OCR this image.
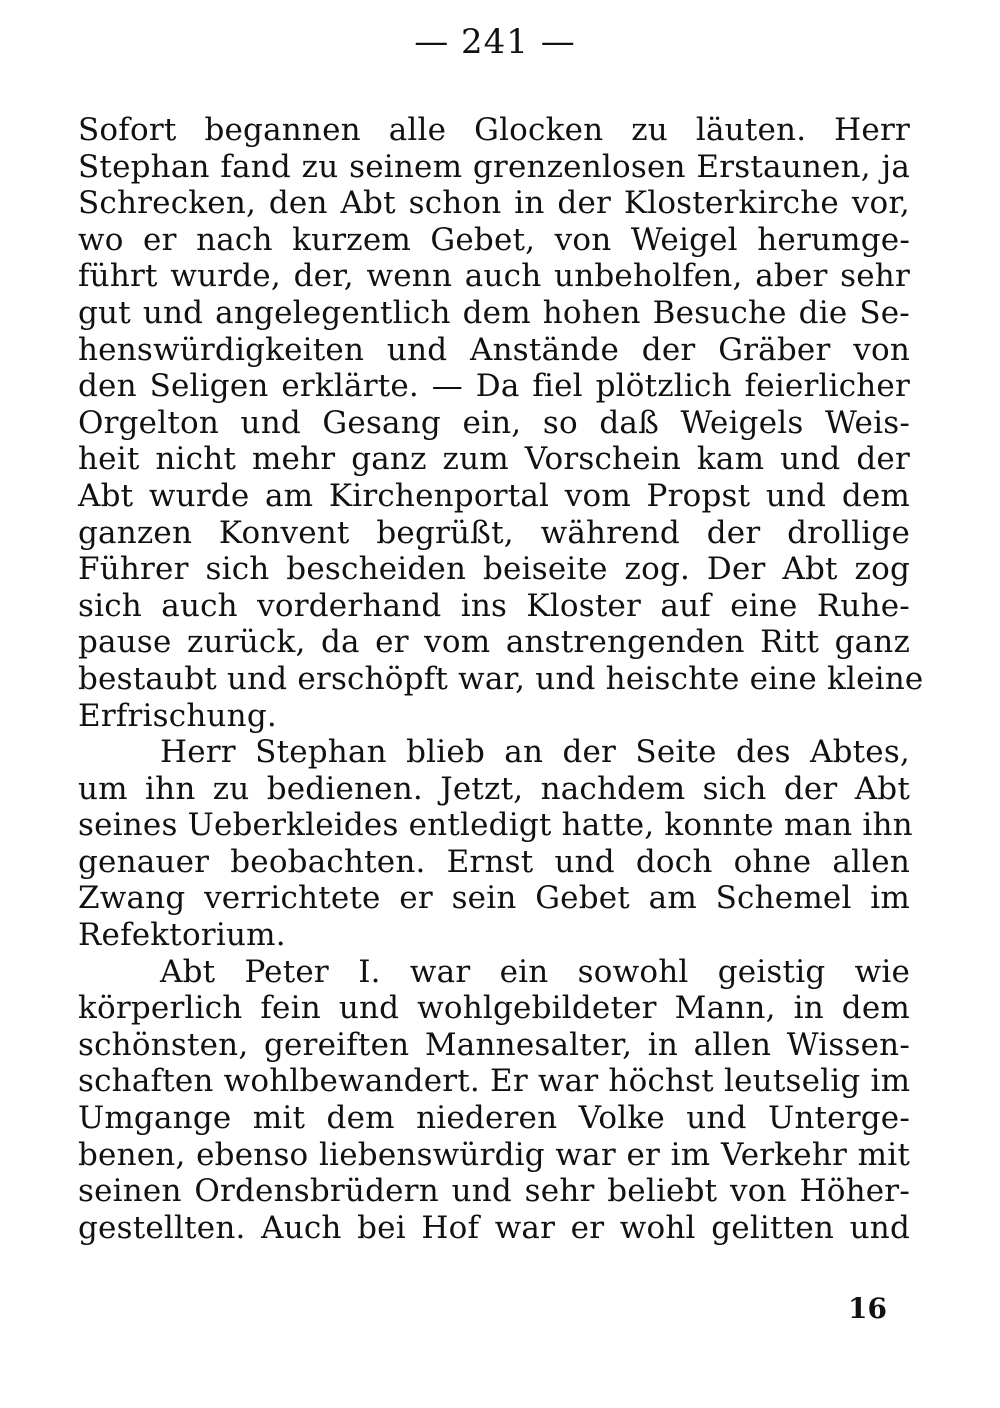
— 241 —
Sofort begannen alle Glocken zu läuten. Herr
Stephan fand zu seinem grenzenlosen Erstaunen, ja
Schrecken, den Abt schon in der Klosterkirche vor,
wo er nach kurzem Gebet, von Weigel herumge-
führt wurde, der, wenn auch unbeholfen, aber sehr
gut und angelegentlich dem hohen Besuche die Se-
henswürdigkeiten und Anstände der Gräber von
den Seligen erklärte. — Da fiel plötzlich feierlicher
Orgelton und Gesang ein, so daß Weigels Weis-
heit nicht mehr ganz zum Vorschein kam und der
Abt wurde am Kirchenportal vom Propst und dem
ganzen Konvent begrüßt, während der drollige
Führer sich bescheiden beiseite zog. Der Abt zog
sich auch vorderhand ins Kloster auf eine Ruhe-
pause zurück, da er vom anstrengenden Ritt ganz
bestaubt und erschöpft war, und heischte eine kleine
Erfrischung.
Herr Stephan blieb an der Seite des Abtes,
um ihn zu bedienen. Jetzt, nachdem sich der Abt
seines Ueberkleides entledigt hatte, konnte man ihn
genauer beobachten. Ernst und doch ohne allen
Zwang verrichtete er sein Gebet am Schemel im
Refektorium.
Abt Peter I. war ein sowohl geistig wie
körperlich fein und wohlgebildeter Mann, in dem
schönsten, gereiften Mannesalter, in allen Wissen-
schaften wohlbewandert. Er war höchst leutselig im
Umgange mit dem niederen Volke und Unterge-
benen, ebenso liebenswürdig war er im Verkehr mit
seinen Ordensbrüdern und sehr beliebt von Höher-
gestellten. Auch bei Hof war er wohl gelitten und
16
